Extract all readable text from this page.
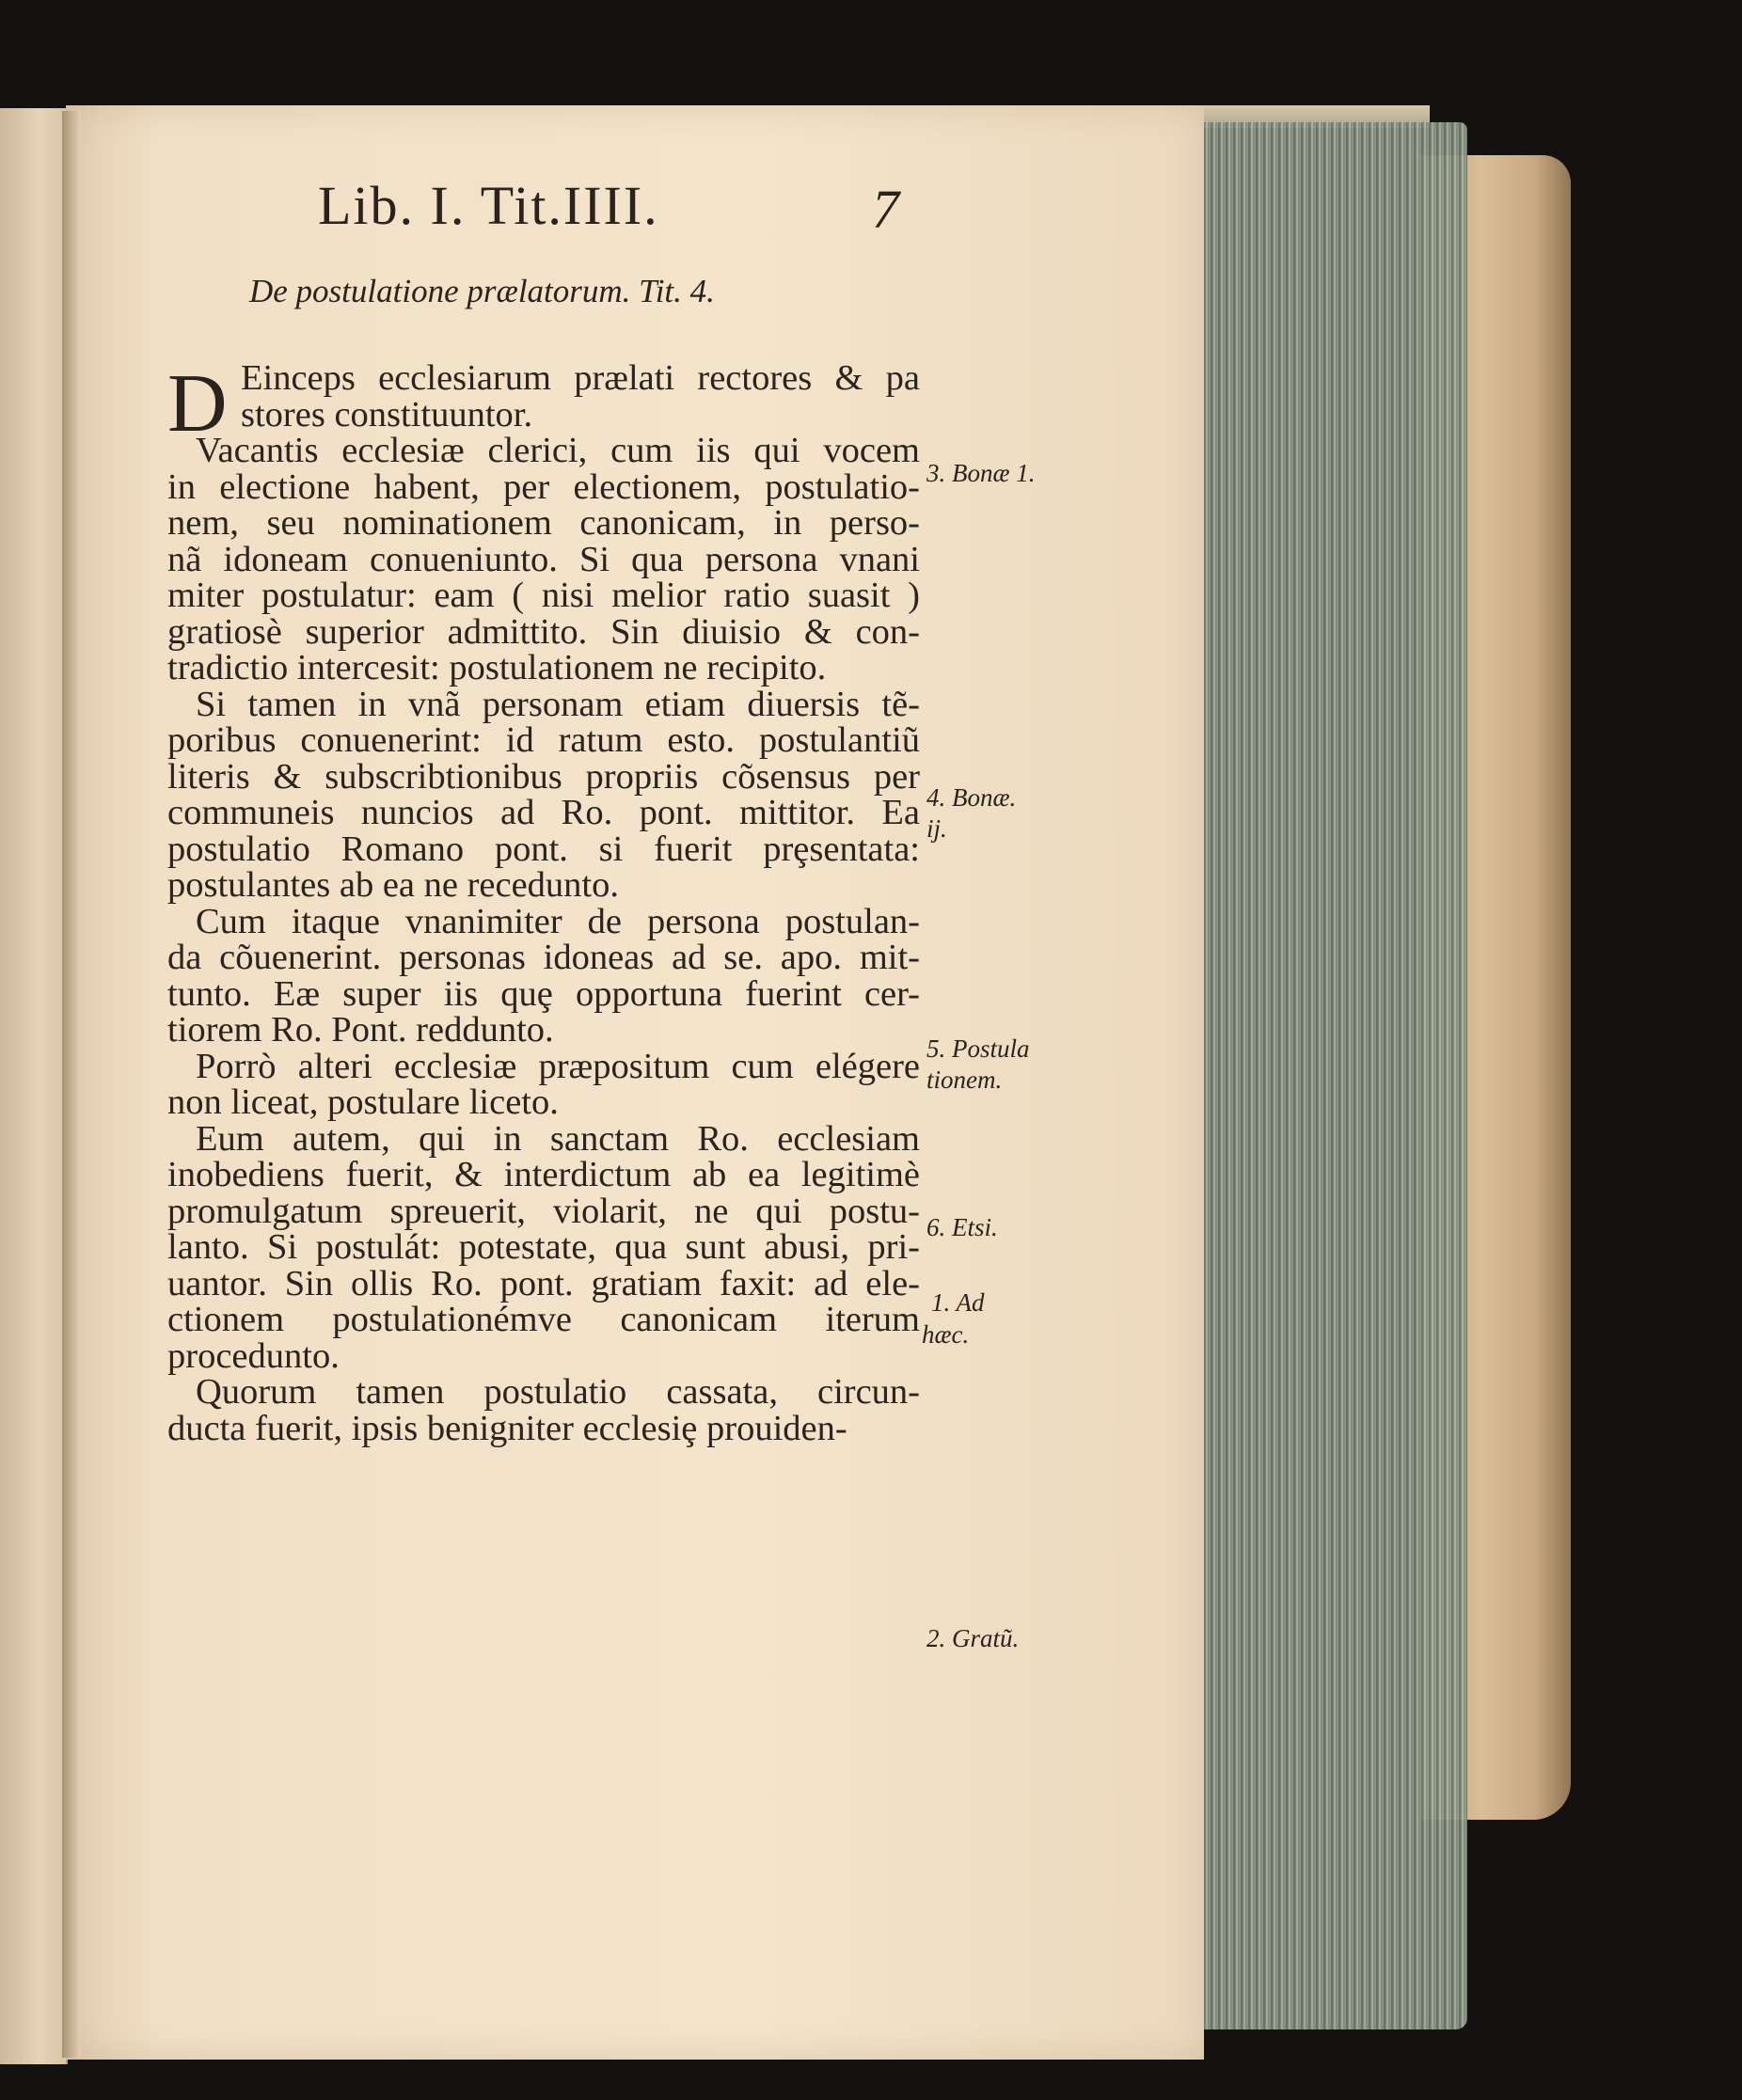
Lib. I. Tit.IIII.	7
De postulatione prælatorum. Tit. 4.
D Einceps ecclesiarum prælati rectores & pa
stores constituuntor.
Vacantis ecclesiæ clerici, cum iis qui vocem
in electione habent, per electionem, postulatio-
nem, seu nominationem canonicam, in perso-
nã idoneam conueniunto. Si qua persona vnani
miter postulatur: eam ( nisi melior ratio suasit )
gratiosè superior admittito. Sin diuisio & con-
tradictio intercesit: postulationem ne recipito.
Si tamen in vnã personam etiam diuersis tẽ-
poribus conuenerint: id ratum esto. postulantiũ
literis & subscribtionibus propriis cõsensus per
communeis nuncios ad Ro. pont. mittitor. Ea
postulatio Romano pont. si fuerit prȩsentata:
postulantes ab ea ne recedunto.
Cum itaque vnanimiter de persona postulan-
da cõuenerint. personas idoneas ad se. apo. mit-
tunto. Eæ super iis quȩ opportuna fuerint cer-
tiorem Ro. Pont. reddunto.
Porrò alteri ecclesiæ præpositum cum elégere
non liceat, postulare liceto.
Eum autem, qui in sanctam Ro. ecclesiam
inobediens fuerit, & interdictum ab ea legitimè
promulgatum spreuerit, violarit, ne qui postu-
lanto. Si postulát: potestate, qua sunt abusi, pri-
uantor. Sin ollis Ro. pont. gratiam faxit: ad ele-
ctionem postulationémve canonicam iterum
procedunto.
Quorum tamen postulatio cassata, circun-
ducta fuerit, ipsis benigniter ecclesiȩ prouiden-
3. Bonæ 1.
4. Bonæ.
ij.
5. Postula
tionem.
6. Etsi.
1. Ad
hæc.
2. Gratũ.
